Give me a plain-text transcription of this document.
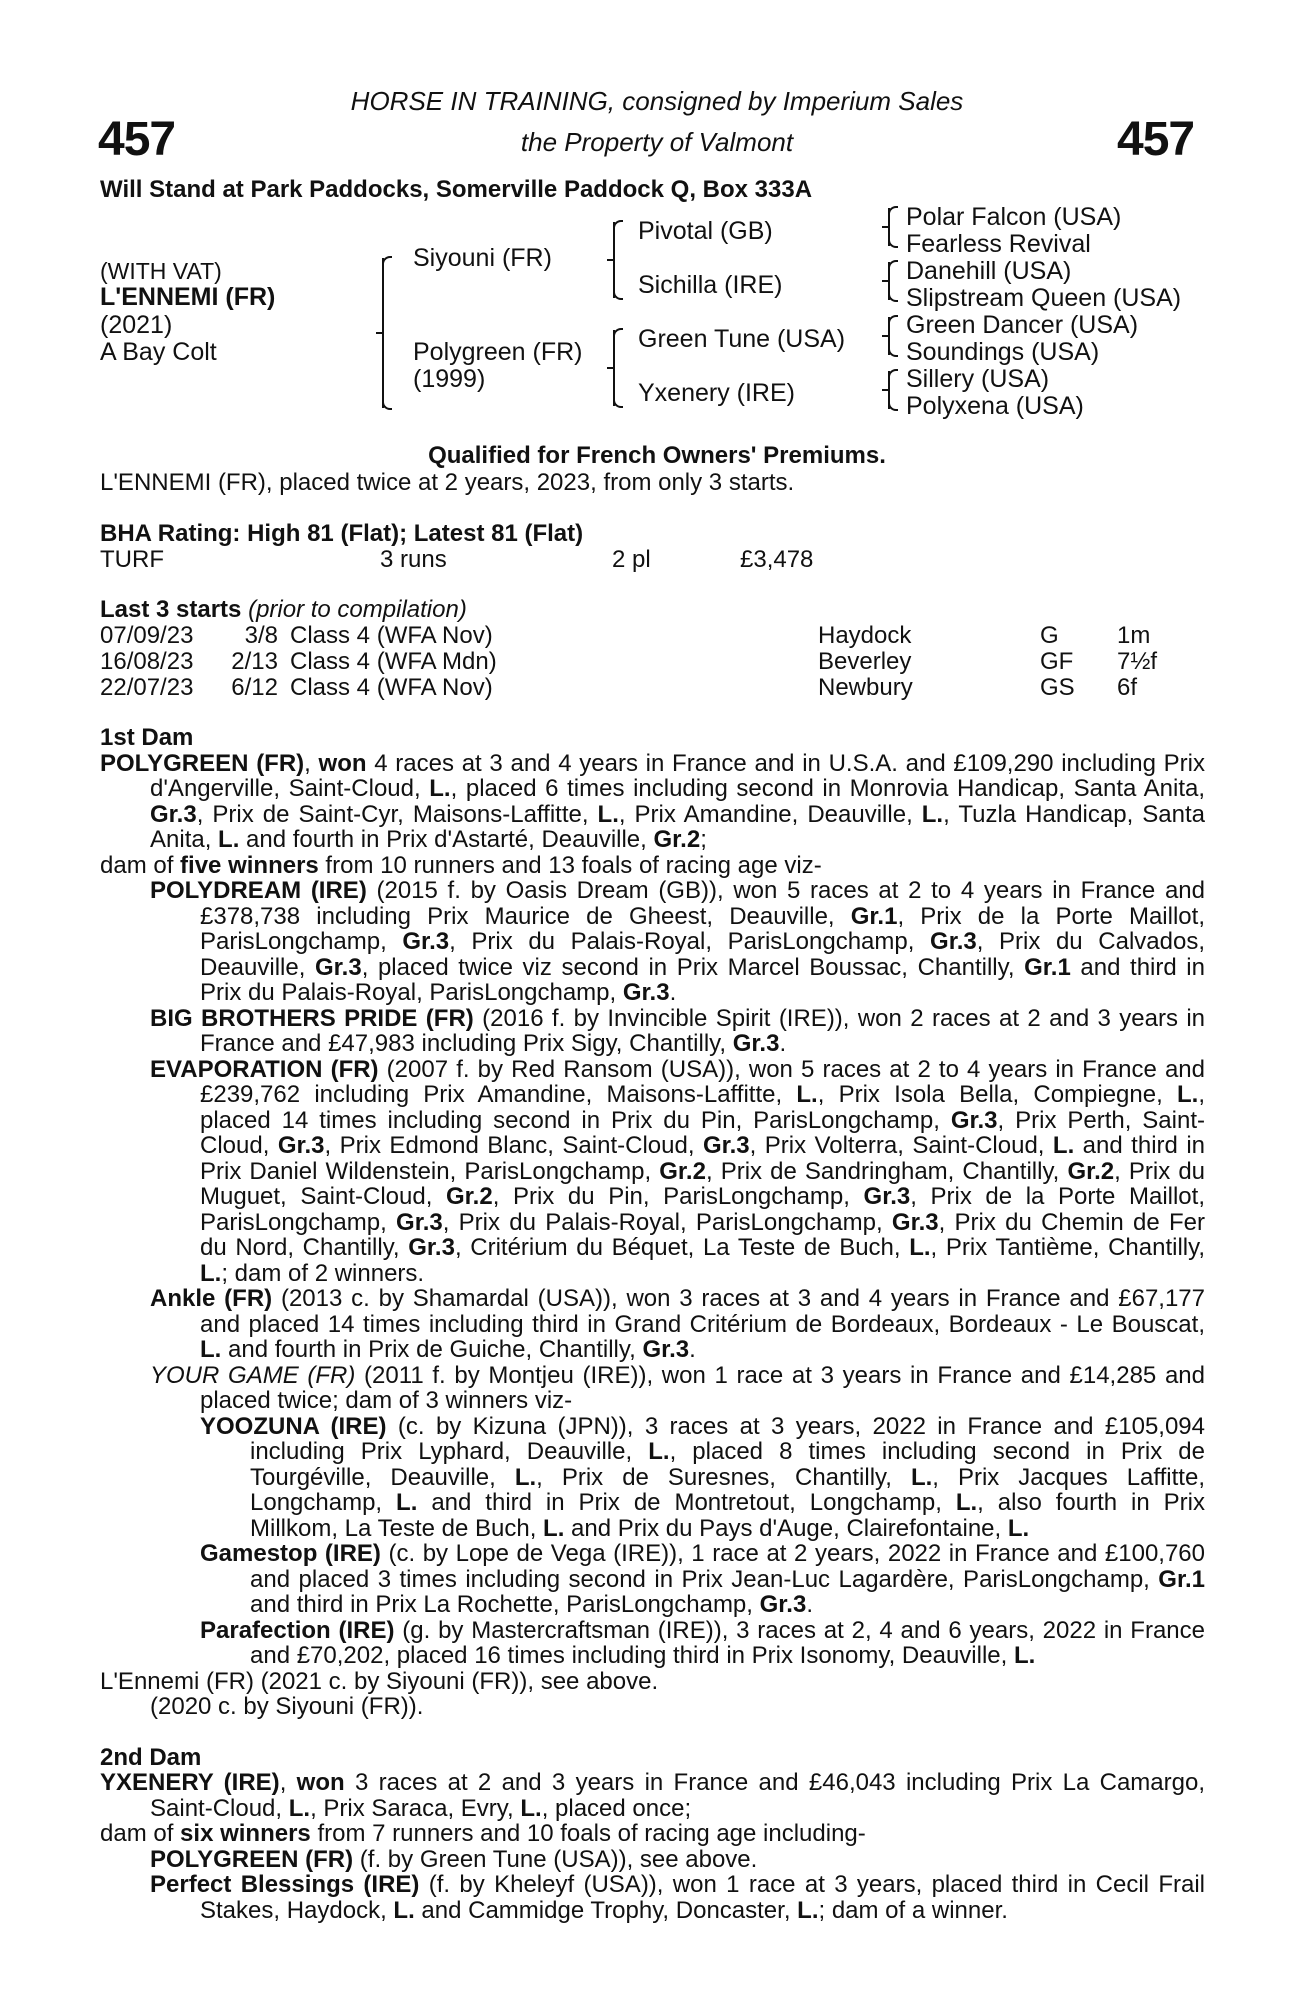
457	457
HORSE IN TRAINING, consigned by Imperium Sales
the Property of Valmont
Will Stand at Park Paddocks, Somerville Paddock Q, Box 333A
(WITH VAT)
L'ENNEMI (FR)
(2021)
A Bay Colt
Siyouni (FR)
Polygreen (FR)
(1999)
Pivotal (GB)
Sichilla (IRE)
Green Tune (USA)
Yxenery (IRE)
Polar Falcon (USA)
Fearless Revival
Danehill (USA)
Slipstream Queen (USA)
Green Dancer (USA)
Soundings (USA)
Sillery (USA)
Polyxena (USA)
Qualified for French Owners' Premiums.
L'ENNEMI (FR), placed twice at 2 years, 2023, from only 3 starts.
BHA Rating: High 81 (Flat); Latest 81 (Flat)
TURF	3 runs	2 pl	£3,478
Last 3 starts (prior to compilation)
07/09/23	3/8 Class 4 (WFA Nov)	Haydock	G 1m
16/08/23	2/13 Class 4 (WFA Mdn)	Beverley	GF 7½f
22/07/23	6/12 Class 4 (WFA Nov)	Newbury	GS 6f
1st Dam
POLYGREEN (FR), won 4 races at 3 and 4 years in France and in U.S.A. and £109,290 including Prix d'Angerville, Saint-Cloud, L., placed 6 times including second in Monrovia Handicap, Santa Anita, Gr.3, Prix de Saint-Cyr, Maisons-Laffitte, L., Prix Amandine, Deauville, L., Tuzla Handicap, Santa Anita, L. and fourth in Prix d'Astarté, Deauville, Gr.2;
dam of five winners from 10 runners and 13 foals of racing age viz-
POLYDREAM (IRE) (2015 f. by Oasis Dream (GB)), won 5 races at 2 to 4 years in France and £378,738 including Prix Maurice de Gheest, Deauville, Gr.1, Prix de la Porte Maillot, ParisLongchamp, Gr.3, Prix du Palais-Royal, ParisLongchamp, Gr.3, Prix du Calvados, Deauville, Gr.3, placed twice viz second in Prix Marcel Boussac, Chantilly, Gr.1 and third in Prix du Palais-Royal, ParisLongchamp, Gr.3.
BIG BROTHERS PRIDE (FR) (2016 f. by Invincible Spirit (IRE)), won 2 races at 2 and 3 years in France and £47,983 including Prix Sigy, Chantilly, Gr.3.
EVAPORATION (FR) (2007 f. by Red Ransom (USA)), won 5 races at 2 to 4 years in France and £239,762 including Prix Amandine, Maisons-Laffitte, L., Prix Isola Bella, Compiegne, L., placed 14 times including second in Prix du Pin, ParisLongchamp, Gr.3, Prix Perth, Saint-Cloud, Gr.3, Prix Edmond Blanc, Saint-Cloud, Gr.3, Prix Volterra, Saint-Cloud, L. and third in Prix Daniel Wildenstein, ParisLongchamp, Gr.2, Prix de Sandringham, Chantilly, Gr.2, Prix du Muguet, Saint-Cloud, Gr.2, Prix du Pin, ParisLongchamp, Gr.3, Prix de la Porte Maillot, ParisLongchamp, Gr.3, Prix du Palais-Royal, ParisLongchamp, Gr.3, Prix du Chemin de Fer du Nord, Chantilly, Gr.3, Critérium du Béquet, La Teste de Buch, L., Prix Tantième, Chantilly, L.; dam of 2 winners.
Ankle (FR) (2013 c. by Shamardal (USA)), won 3 races at 3 and 4 years in France and £67,177 and placed 14 times including third in Grand Critérium de Bordeaux, Bordeaux - Le Bouscat, L. and fourth in Prix de Guiche, Chantilly, Gr.3.
YOUR GAME (FR) (2011 f. by Montjeu (IRE)), won 1 race at 3 years in France and £14,285 and placed twice; dam of 3 winners viz-
YOOZUNA (IRE) (c. by Kizuna (JPN)), 3 races at 3 years, 2022 in France and £105,094 including Prix Lyphard, Deauville, L., placed 8 times including second in Prix de Tourgéville, Deauville, L., Prix de Suresnes, Chantilly, L., Prix Jacques Laffitte, Longchamp, L. and third in Prix de Montretout, Longchamp, L., also fourth in Prix Millkom, La Teste de Buch, L. and Prix du Pays d'Auge, Clairefontaine, L.
Gamestop (IRE) (c. by Lope de Vega (IRE)), 1 race at 2 years, 2022 in France and £100,760 and placed 3 times including second in Prix Jean-Luc Lagardère, ParisLongchamp, Gr.1 and third in Prix La Rochette, ParisLongchamp, Gr.3.
Parafection (IRE) (g. by Mastercraftsman (IRE)), 3 races at 2, 4 and 6 years, 2022 in France and £70,202, placed 16 times including third in Prix Isonomy, Deauville, L.
L'Ennemi (FR) (2021 c. by Siyouni (FR)), see above.
(2020 c. by Siyouni (FR)).
2nd Dam
YXENERY (IRE), won 3 races at 2 and 3 years in France and £46,043 including Prix La Camargo, Saint-Cloud, L., Prix Saraca, Evry, L., placed once;
dam of six winners from 7 runners and 10 foals of racing age including-
POLYGREEN (FR) (f. by Green Tune (USA)), see above.
Perfect Blessings (IRE) (f. by Kheleyf (USA)), won 1 race at 3 years, placed third in Cecil Frail Stakes, Haydock, L. and Cammidge Trophy, Doncaster, L.; dam of a winner.
